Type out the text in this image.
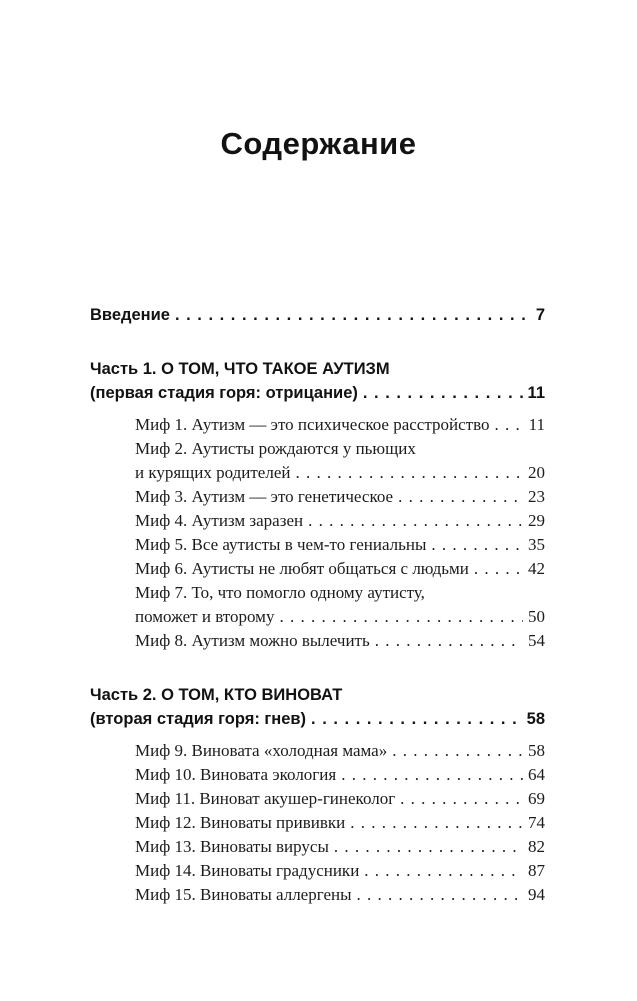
Содержание
Введение . . .	7
Часть 1. О ТОМ, ЧТО ТАКОЕ АУТИЗМ
(первая стадия горя: отрицание) . . .	11
Миф 1. Аутизм — это психическое расстройство . . . 11
Миф 2. Аутисты рождаются у пьющих
и курящих родителей . . .	20
Миф 3. Аутизм — это генетическое . . .	23
Миф 4. Аутизм заразен . . .	29
Миф 5. Все аутисты в чем-то гениальны . . .	35
Миф 6. Аутисты не любят общаться с людьми . . .	42
Миф 7. То, что помогло одному аутисту,
поможет и второму . . .	50
Миф 8. Аутизм можно вылечить . . .	54
Часть 2. О ТОМ, КТО ВИНОВАТ
(вторая стадия горя: гнев) . . .	58
Миф 9. Виновата «холодная мама» . . .	58
Миф 10. Виновата экология . . .	64
Миф 11. Виноват акушер-гинеколог . . .	69
Миф 12. Виноваты прививки . . .	74
Миф 13. Виноваты вирусы . . .	82
Миф 14. Виноваты градусники . . .	87
Миф 15. Виноваты аллергены . . .	94
